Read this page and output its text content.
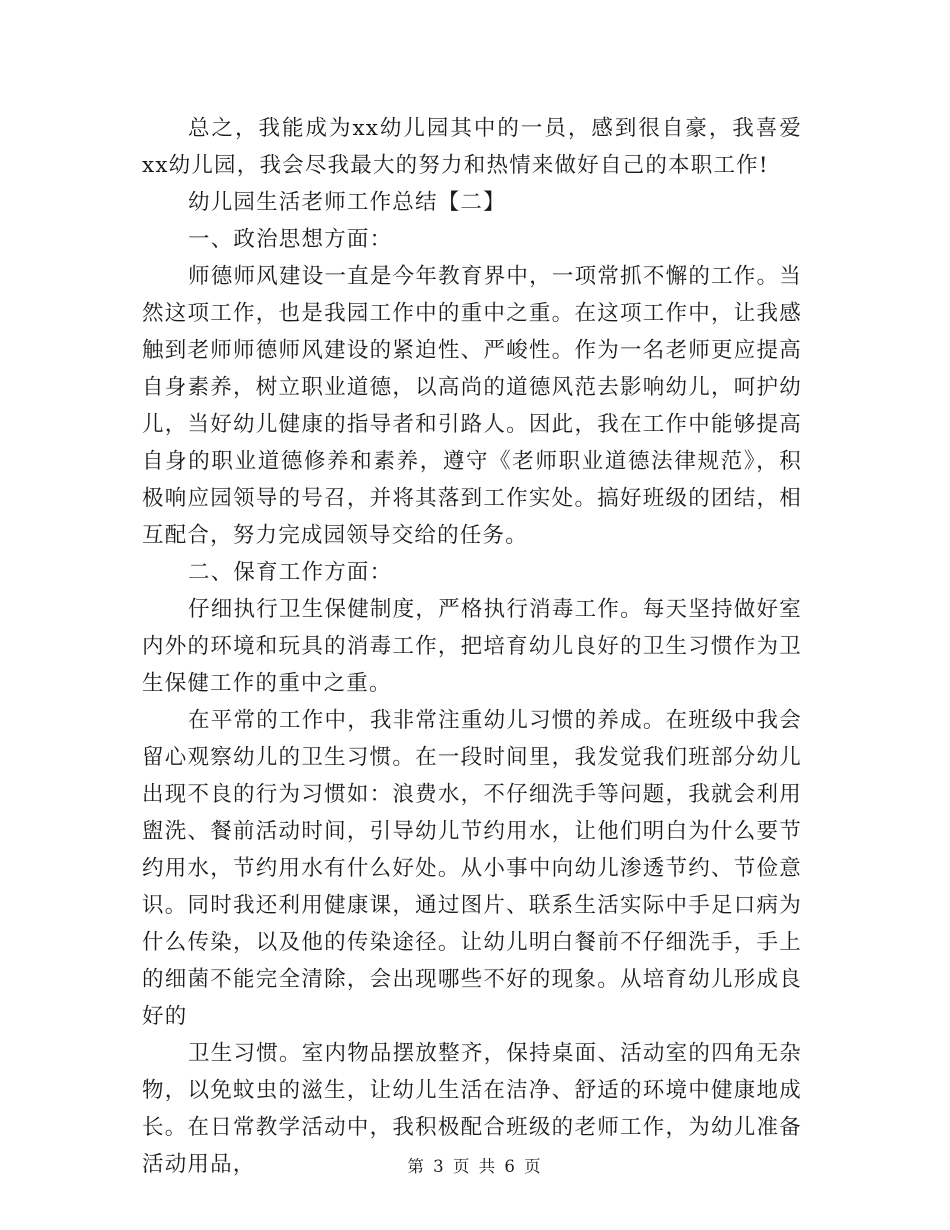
总之，我能成为xx幼儿园其中的一员，感到很自豪，我喜爱xx幼儿园，我会尽我最大的努力和热情来做好自己的本职工作!

幼儿园生活老师工作总结【二】

一、政治思想方面：

师德师风建设一直是今年教育界中，一项常抓不懈的工作。当然这项工作，也是我园工作中的重中之重。在这项工作中，让我感触到老师师德师风建设的紧迫性、严峻性。作为一名老师更应提高自身素养，树立职业道德，以高尚的道德风范去影响幼儿，呵护幼儿，当好幼儿健康的指导者和引路人。因此，我在工作中能够提高自身的职业道德修养和素养，遵守《老师职业道德法律规范》，积极响应园领导的号召，并将其落到工作实处。搞好班级的团结，相互配合，努力完成园领导交给的任务。

二、保育工作方面：

仔细执行卫生保健制度，严格执行消毒工作。每天坚持做好室内外的环境和玩具的消毒工作，把培育幼儿良好的卫生习惯作为卫生保健工作的重中之重。

在平常的工作中，我非常注重幼儿习惯的养成。在班级中我会留心观察幼儿的卫生习惯。在一段时间里，我发觉我们班部分幼儿出现不良的行为习惯如：浪费水，不仔细洗手等问题，我就会利用盥洗、餐前活动时间，引导幼儿节约用水，让他们明白为什么要节约用水，节约用水有什么好处。从小事中向幼儿渗透节约、节俭意识。同时我还利用健康课，通过图片、联系生活实际中手足口病为什么传染，以及他的传染途径。让幼儿明白餐前不仔细洗手，手上的细菌不能完全清除，会出现哪些不好的现象。从培育幼儿形成良好的

卫生习惯。室内物品摆放整齐，保持桌面、活动室的四角无杂物，以免蚊虫的滋生，让幼儿生活在洁净、舒适的环境中健康地成长。在日常教学活动中，我积极配合班级的老师工作，为幼儿准备活动用品，	第 3 页 共 6 页
